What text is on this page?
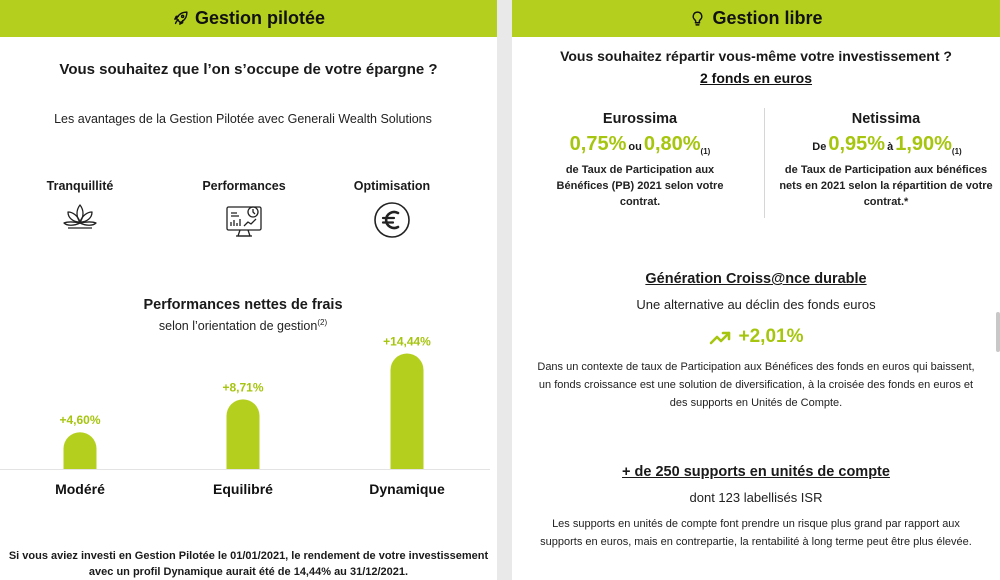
Gestion pilotée
Vous souhaitez que l’on s’occupe de votre épargne ?
Les avantages de la Gestion Pilotée avec Generali Wealth Solutions
Tranquillité	Performances	Optimisation
Performances nettes de frais
selon l’orientation de gestion$^{(2)}$
+4,60%
Modéré
+8,71%
Equilibré
+14,44%
Dynamique
Si vous aviez investi en Gestion Pilotée le 01/01/2021, le rendement de votre investissement
avec un profil Dynamique aurait été de 14,44% au 31/12/2021.
Gestion libre
Vous souhaitez répartir vous-même votre investissement ?
2 fonds en euros
Eurossima
0,75% ou 0,80%$^{(1)}$
de Taux de Participation aux
Bénéfices (PB) 2021 selon votre
contrat.
Netissima
De 0,95% à 1,90%$^{(1)}$
de Taux de Participation aux bénéfices
nets en 2021 selon la répartition de votre
contrat.*
Génération Croiss@nce durable
Une alternative au déclin des fonds euros
+2,01%
Dans un contexte de taux de Participation aux Bénéfices des fonds en euros qui baissent,
un fonds croissance est une solution de diversification, à la croisée des fonds en euros et
des supports en Unités de Compte.
+ de 250 supports en unités de compte
dont 123 labellisés ISR
Les supports en unités de compte font prendre un risque plus grand par rapport aux
supports en euros, mais en contrepartie, la rentabilité à long terme peut être plus élevée.
